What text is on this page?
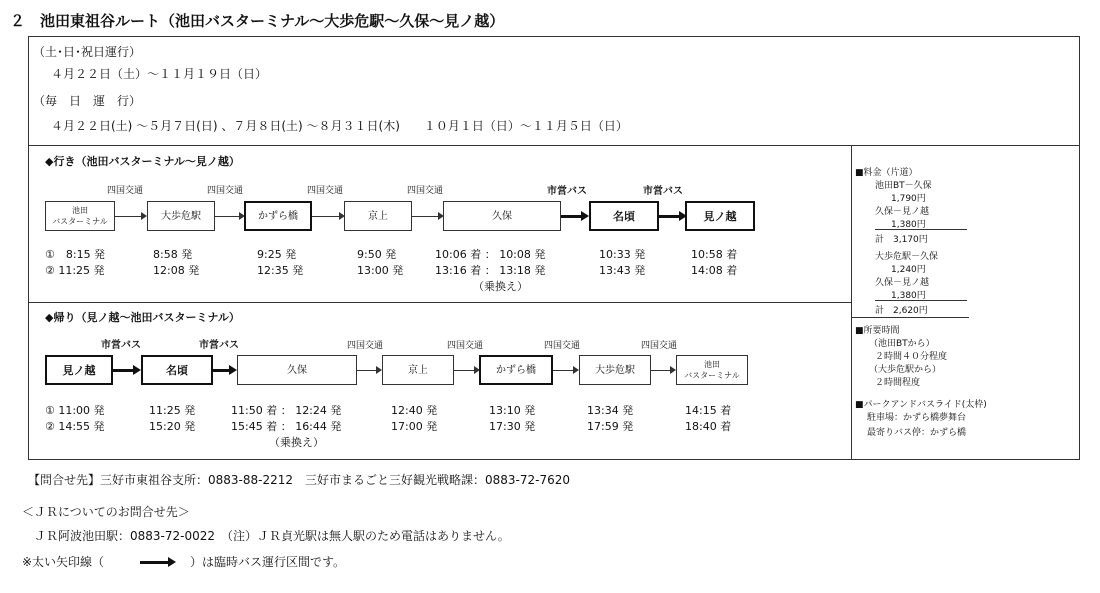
２　池田東祖谷ルート（池田バスターミナル～大歩危駅～久保～見ノ越）
（土･日･祝日運行）
４月２２日（土）～１１月１９日（日）
（毎　日　運　行）
４月２２日(土) ～５月７日(日) 、７月８日(土) ～８月３１日(木)　　１０月１日（日）～１１月５日（日）
◆行き（池田バスターミナル～見ノ越）
四国交通	四国交通	四国交通	四国交通	市営バス	市営バス
池田
バスターミナル	大歩危駅	かずら橋	京上	久保	名頃	見ノ越
①　8:15 発	8:58 発	9:25 発	9:50 発	10:06 着 ： 10:08 発	10:33 発	10:58 着
② 11:25 発	12:08 発	12:35 発	13:00 発	13:16 着 ： 13:18 発	13:43 発	14:08 着
（乗換え）
◆帰り（見ノ越～池田バスターミナル）
市営バス	市営バス	四国交通	四国交通	四国交通	四国交通
見ノ越	名頃	久保	京上	かずら橋	大歩危駅	池田
バスターミナル
① 11:00 発	11:25 発	11:50 着 ： 12:24 発	12:40 発	13:10 発	13:34 発	14:15 着
② 14:55 発	15:20 発	15:45 着 ： 16:44 発	17:00 発	17:30 発	17:59 発	18:40 着
（乗換え）
■料金（片道）
池田BT－久保
1,790円
久保－見ノ越
1,380円
計　3,170円
大歩危駅－久保
1,240円
久保－見ノ越
1,380円
計　2,620円
■所要時間
（池田BTから）
２時間４０分程度
（大歩危駅から）
２時間程度
■パークアンドバスライド(太枠)
駐車場：かずら橋夢舞台
最寄りバス停：かずら橋
【問合せ先】三好市東祖谷支所：0883-88-2212　三好市まるごと三好観光戦略課：0883-72-7620
＜ＪＲについてのお問合せ先＞
ＪＲ阿波池田駅：0883-72-0022　（注）ＪＲ貞光駅は無人駅のため電話はありません。
※太い矢印線（	）は臨時バス運行区間です。
